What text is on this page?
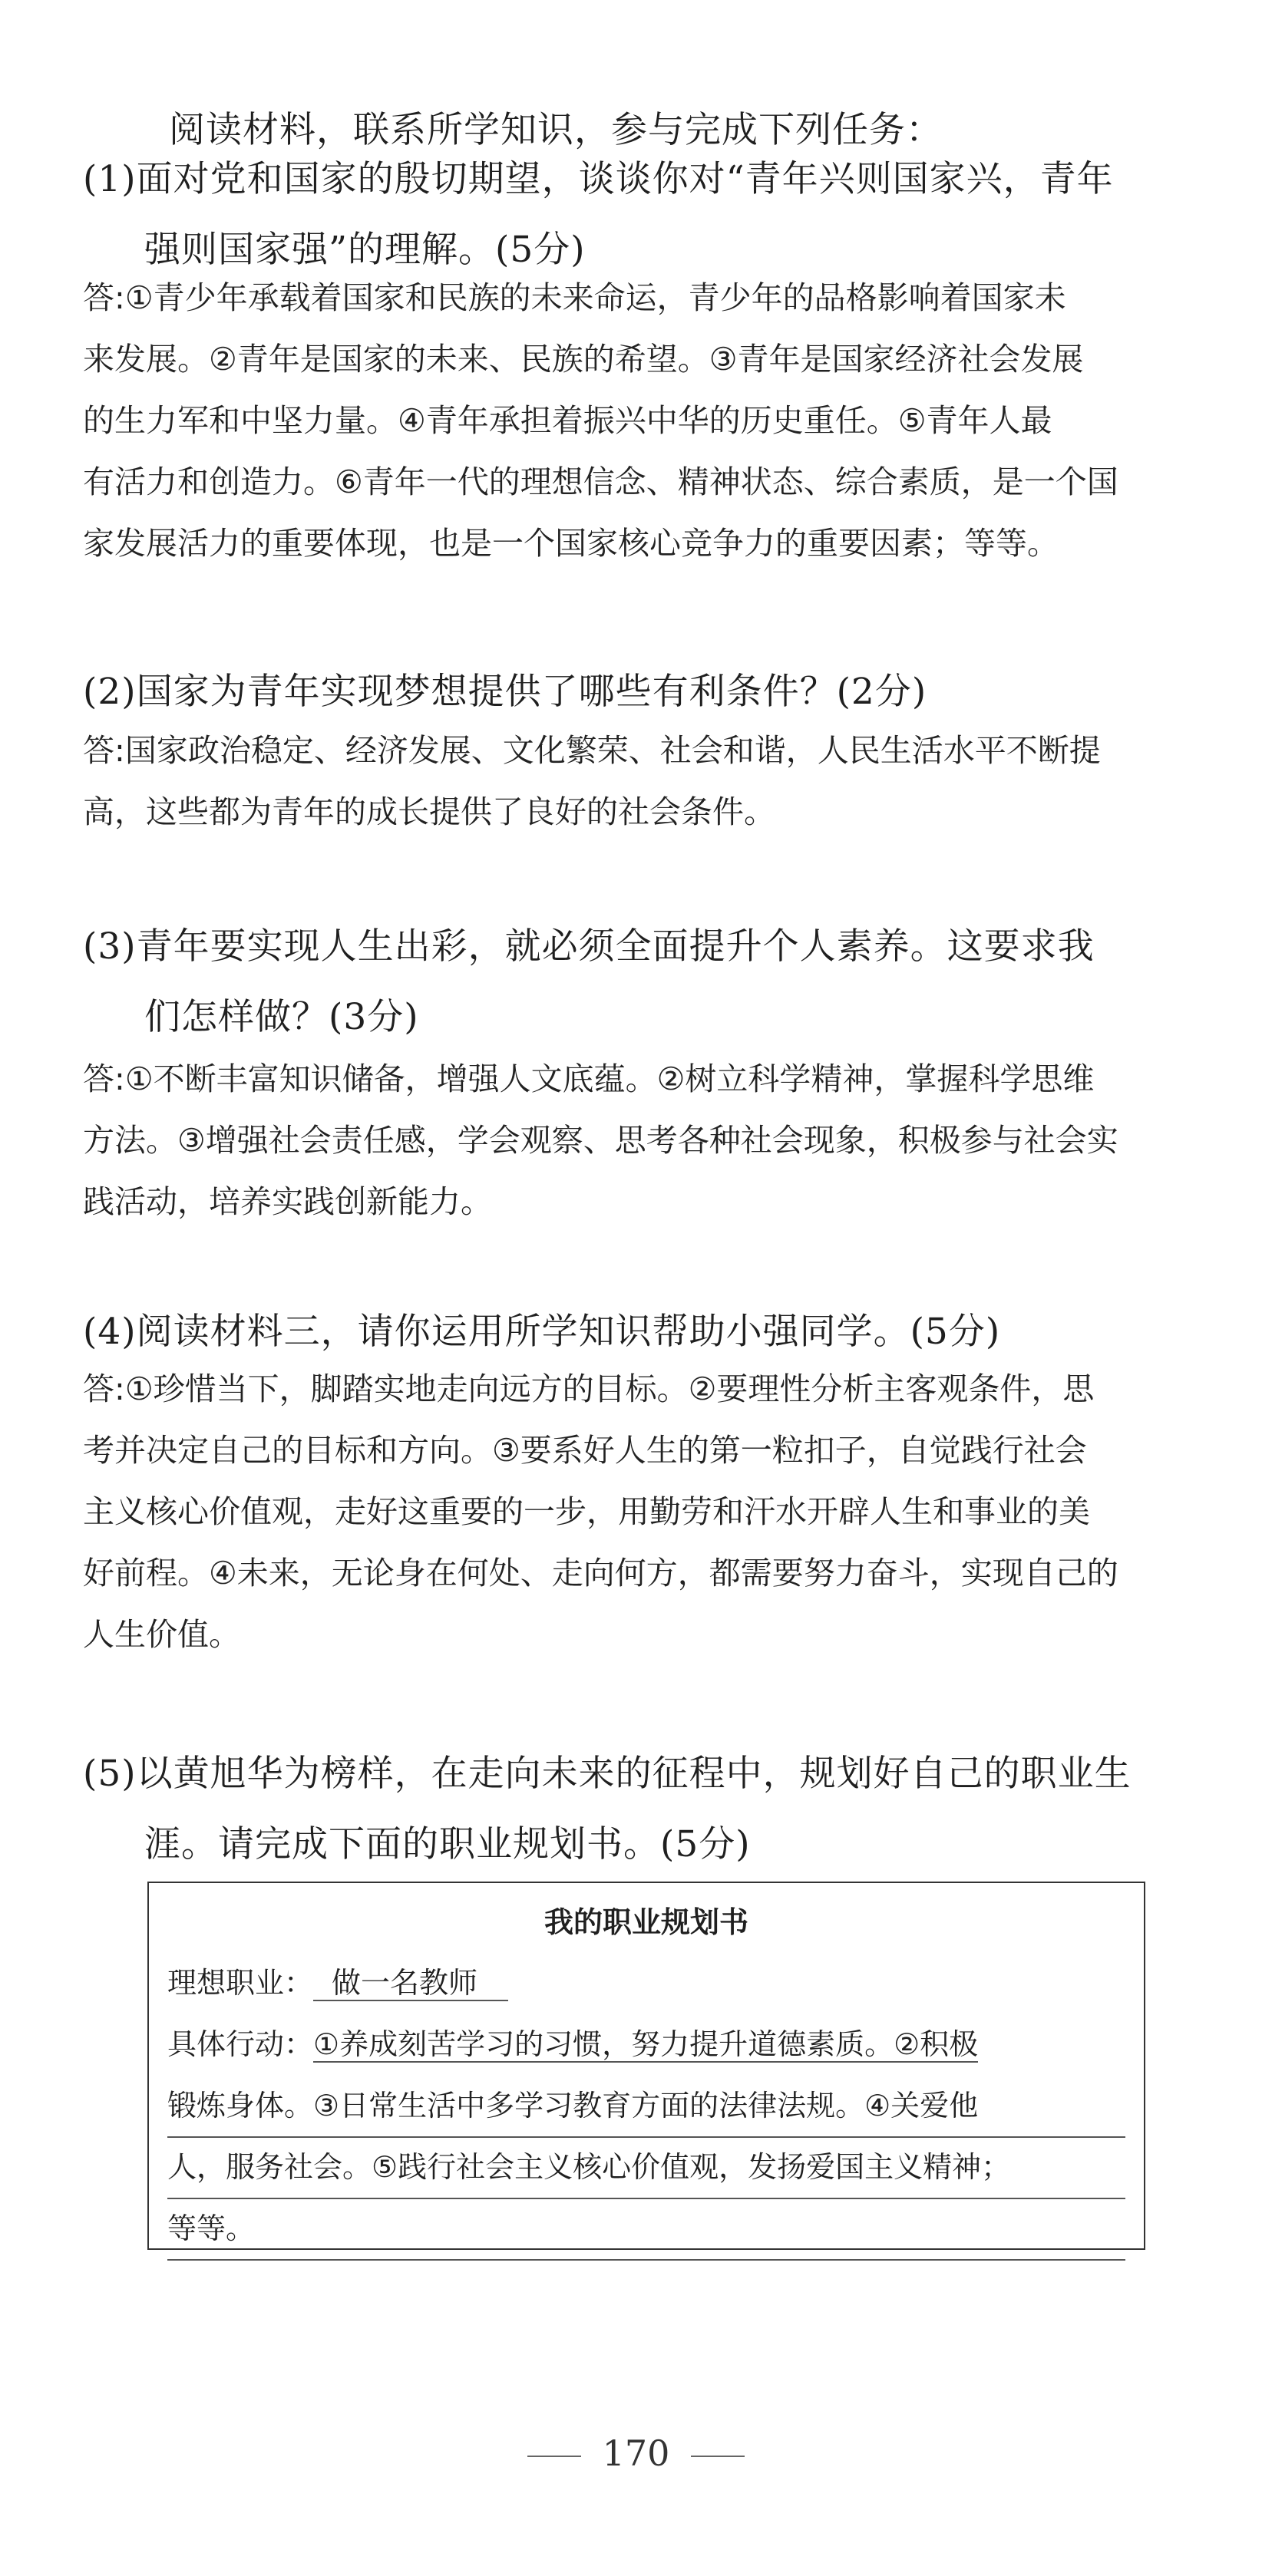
阅读材料，联系所学知识，参与完成下列任务：
(1)面对党和国家的殷切期望，谈谈你对“青年兴则国家兴，青年
强则国家强”的理解。(5分)

答:①青少年承载着国家和民族的未来命运，青少年的品格影响着国家未

来发展。②青年是国家的未来、民族的希望。③青年是国家经济社会发展

的生力军和中坚力量。④青年承担着振兴中华的历史重任。⑤青年人最

有活力和创造力。⑥青年一代的理想信念、精神状态、综合素质，是一个国

家发展活力的重要体现，也是一个国家核心竞争力的重要因素；等等。

(2)国家为青年实现梦想提供了哪些有利条件？(2分)

答:国家政治稳定、经济发展、文化繁荣、社会和谐，人民生活水平不断提

高，这些都为青年的成长提供了良好的社会条件。

(3)青年要实现人生出彩，就必须全面提升个人素养。这要求我
们怎样做？(3分)

答:①不断丰富知识储备，增强人文底蕴。②树立科学精神，掌握科学思维

方法。③增强社会责任感，学会观察、思考各种社会现象，积极参与社会实

践活动，培养实践创新能力。

(4)阅读材料三，请你运用所学知识帮助小强同学。(5分)

答:①珍惜当下，脚踏实地走向远方的目标。②要理性分析主客观条件，思

考并决定自己的目标和方向。③要系好人生的第一粒扣子，自觉践行社会

主义核心价值观，走好这重要的一步，用勤劳和汗水开辟人生和事业的美

好前程。④未来，无论身在何处、走向何方，都需要努力奋斗，实现自己的

人生价值。

(5)以黄旭华为榜样，在走向未来的征程中，规划好自己的职业生
涯。请完成下面的职业规划书。(5分)
我的职业规划书
理想职业： 做一名教师
具体行动：①养成刻苦学习的习惯，努力提升道德素质。②积极
锻炼身体。③日常生活中多学习教育方面的法律法规。④关爱他
人，服务社会。⑤践行社会主义核心价值观，发扬爱国主义精神；
等等。
170
